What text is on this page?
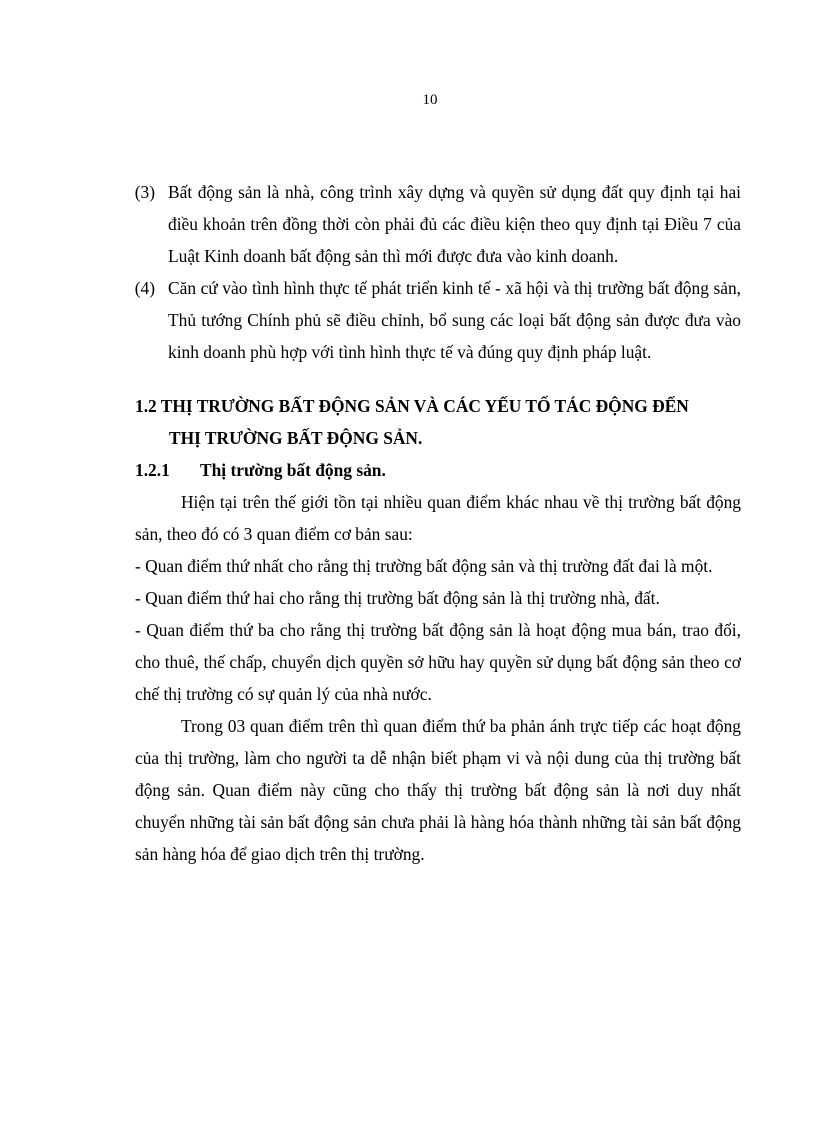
10
(3) Bất động sản là nhà, công trình xây dựng và quyền sử dụng đất quy định tại hai điều khoản trên đồng thời còn phải đủ các điều kiện theo quy định tại Điều 7 của Luật Kinh doanh bất động sản thì mới được đưa vào kinh doanh.
(4) Căn cứ vào tình hình thực tế phát triển kinh tế - xã hội và thị trường bất động sản, Thủ tướng Chính phủ sẽ điều chỉnh, bổ sung các loại bất động sản được đưa vào kinh doanh phù hợp với tình hình thực tế và đúng quy định pháp luật.
1.2 THỊ TRƯỜNG BẤT ĐỘNG SẢN VÀ CÁC YẾU TỐ TÁC ĐỘNG ĐẾN
THỊ TRƯỜNG BẤT ĐỘNG SẢN.
1.2.1 Thị trường bất động sản.
Hiện tại trên thế giới tồn tại nhiều quan điểm khác nhau về thị trường bất động sản, theo đó có 3 quan điểm cơ bản sau:
- Quan điểm thứ nhất cho rằng thị trường bất động sản và thị trường đất đai là một.
- Quan điểm thứ hai cho rằng thị trường bất động sản là thị trường nhà, đất.
- Quan điểm thứ ba cho rằng thị trường bất động sản là hoạt động mua bán, trao đổi, cho thuê, thế chấp, chuyển dịch quyền sở hữu hay quyền sử dụng bất động sản theo cơ chế thị trường có sự quản lý của nhà nước.
Trong 03 quan điểm trên thì quan điểm thứ ba phản ánh trực tiếp các hoạt động của thị trường, làm cho người ta dễ nhận biết phạm vi và nội dung của thị trường bất động sản. Quan điểm này cũng cho thấy thị trường bất động sản là nơi duy nhất chuyển những tài sản bất động sản chưa phải là hàng hóa thành những tài sản bất động sản hàng hóa để giao dịch trên thị trường.
